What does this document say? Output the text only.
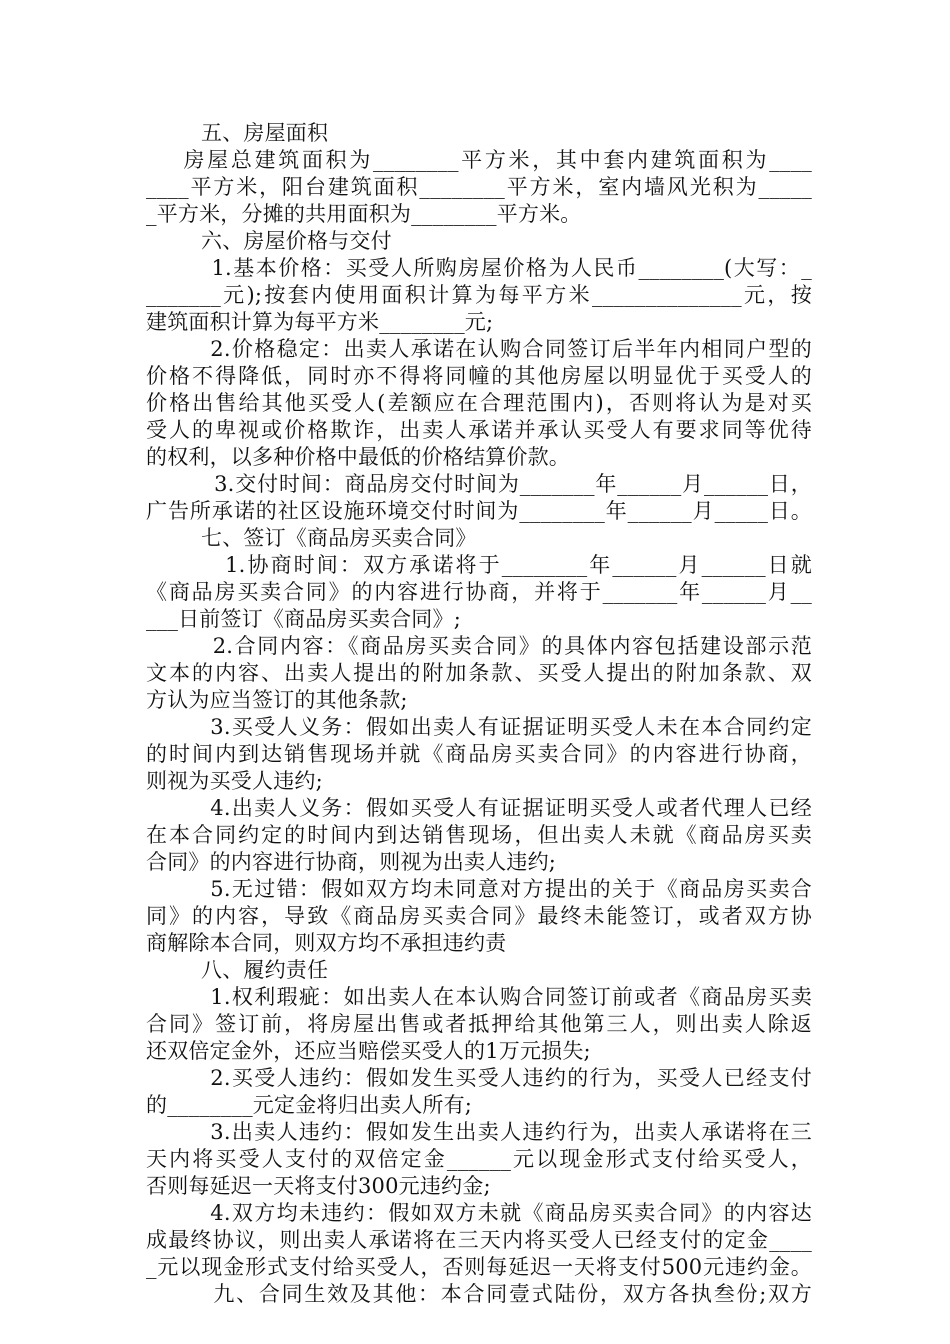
五、房屋面积
房屋总建筑面积为________平方米，其中套内建筑面积为____
____平方米，阳台建筑面积________平方米，室内墙风光积为_____
_平方米，分摊的共用面积为________平方米。
六、房屋价格与交付
1.基本价格：买受人所购房屋价格为人民币________(大写：_
_______元);按套内使用面积计算为每平方米______________元，按
建筑面积计算为每平方米________元;
2.价格稳定：出卖人承诺在认购合同签订后半年内相同户型的
价格不得降低，同时亦不得将同幢的其他房屋以明显优于买受人的
价格出售给其他买受人(差额应在合理范围内)，否则将认为是对买
受人的卑视或价格欺诈，出卖人承诺并承认买受人有要求同等优待
的权利，以多种价格中最低的价格结算价款。
3.交付时间：商品房交付时间为_______年______月______日，
广告所承诺的社区设施环境交付时间为________年______月_____日。
七、签订《商品房买卖合同》
1.协商时间：双方承诺将于________年______月______日就
《商品房买卖合同》的内容进行协商，并将于_______年______月__
___日前签订《商品房买卖合同》;
2.合同内容：《商品房买卖合同》的具体内容包括建设部示范
文本的内容、出卖人提出的附加条款、买受人提出的附加条款、双
方认为应当签订的其他条款;
3.买受人义务：假如出卖人有证据证明买受人未在本合同约定
的时间内到达销售现场并就《商品房买卖合同》的内容进行协商，
则视为买受人违约;
4.出卖人义务：假如买受人有证据证明买受人或者代理人已经
在本合同约定的时间内到达销售现场，但出卖人未就《商品房买卖
合同》的内容进行协商，则视为出卖人违约;
5.无过错：假如双方均未同意对方提出的关于《商品房买卖合
同》的内容，导致《商品房买卖合同》最终未能签订，或者双方协
商解除本合同，则双方均不承担违约责
八、履约责任
1.权利瑕疵：如出卖人在本认购合同签订前或者《商品房买卖
合同》签订前，将房屋出售或者抵押给其他第三人，则出卖人除返
还双倍定金外，还应当赔偿买受人的1万元损失;
2.买受人违约：假如发生买受人违约的行为，买受人已经支付
的________元定金将归出卖人所有;
3.出卖人违约：假如发生出卖人违约行为，出卖人承诺将在三
天内将买受人支付的双倍定金______元以现金形式支付给买受人，
否则每延迟一天将支付300元违约金;
4.双方均未违约：假如双方未就《商品房买卖合同》的内容达
成最终协议，则出卖人承诺将在三天内将买受人已经支付的定金____
_元以现金形式支付给买受人，否则每延迟一天将支付500元违约金。
九、合同生效及其他：本合同壹式陆份，双方各执叁份;双方
